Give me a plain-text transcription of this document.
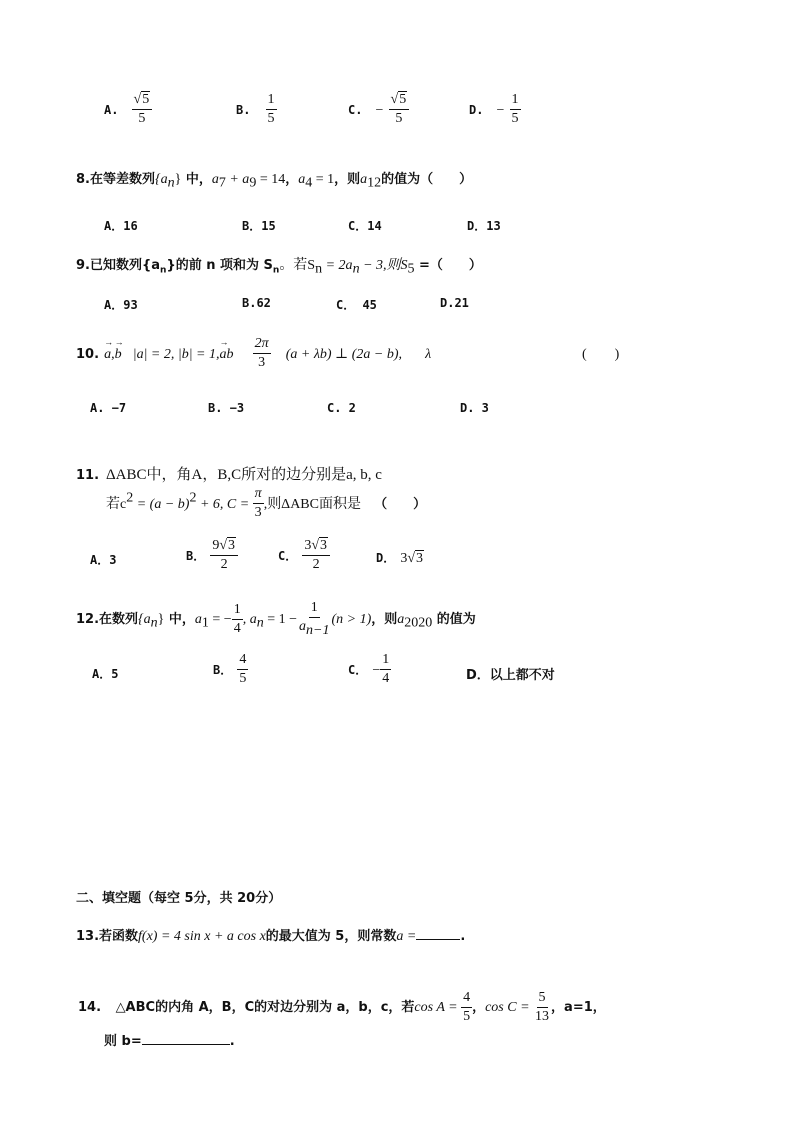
A. $\frac{√5}{5}$	B. $\frac{1}{5}$	C. − $\frac{√5}{5}$	D. − $\frac{1}{5}$
8.在等差数列$\{a_n\}$ 中，$a_7 + a_9 = 14$，$a_4 = 1$，则$a_{12}$的值为（　　）
A．16	B．15	C．14	D．13
9.已知数列$\{a_n\}$的前 n 项和为 $S_n$。若$S_n = 2a_n - 3$,则$S_5$ =（　　）
A．93	B.62	C． 45	D.21
10. → a,→ b |a| = 2, |b| = 1,→ ab $\frac{2\pi}{3} (a + \lambda b)$ ⊥ (2a − b), λ	(　　)
A. −7	B. −3	C. 2	D. 3
11. ΔABC中，角A，B,C所对的边分别是a, b, c
若$c^2 = (a - b)^2 + 6$, $C = \frac{\pi}{3}$ ,则ΔABC面积是 （　　）
A．3	B． $\frac{9√3}{2}$	C． $\frac{3√3}{2}$	D． 3√3
12.在数列$\{a_n\}$ 中，$a_1$ = − $\frac{1}{4}$ , $a_n = 1 - \frac{1}{a_{n-1}} (n > 1)$，则$a_{2020}$ 的值为
A．5	B． $\frac{4}{5}$	C． − $\frac{1}{4}$	D．以上都不对
二、填空题（每空 5分，共 20分）
13.若函数f(x) = 4 sin x + a cos x的最大值为 5，则常数a =	.
14. △ABC的内角 A，B，C的对边分别为 a，b，c，若$\cos A = \frac{4}{5}$ ，$\cos C = \frac{5}{13}$ ，a=1，
则 b=	.
